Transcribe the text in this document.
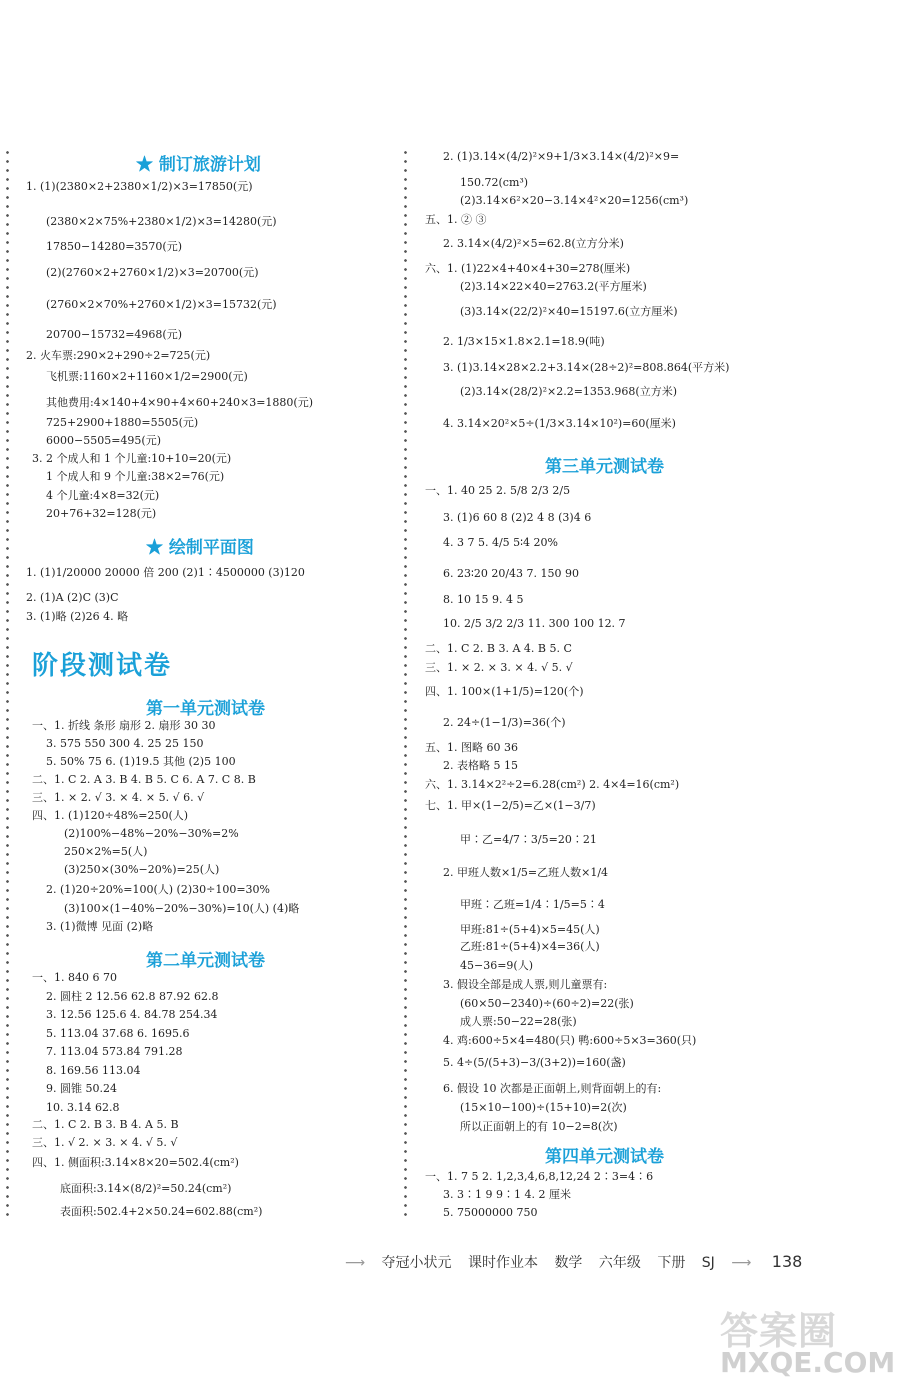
★ 制订旅游计划
1. (1)(2380×2+2380×1/2)×3=17850(元)
(2380×2×75%+2380×1/2)×3=14280(元)
17850−14280=3570(元)
(2)(2760×2+2760×1/2)×3=20700(元)
(2760×2×70%+2760×1/2)×3=15732(元)
20700−15732=4968(元)
2. 火车票:290×2+290÷2=725(元)
飞机票:1160×2+1160×1/2=2900(元)
其他费用:4×140+4×90+4×60+240×3=1880(元)
725+2900+1880=5505(元)
6000−5505=495(元)
3. 2 个成人和 1 个儿童:10+10=20(元)
1 个成人和 9 个儿童:38×2=76(元)
4 个儿童:4×8=32(元)
20+76+32=128(元)
★ 绘制平面图
1. (1)1/20000 20000 倍 200 (2)1∶4500000 (3)120
2. (1)A (2)C (3)C
3. (1)略 (2)26 4. 略
阶段测试卷
第一单元测试卷
一、1. 折线 条形 扇形 2. 扇形 30 30
3. 575 550 300 4. 25 25 150
5. 50% 75 6. (1)19.5 其他 (2)5 100
二、1. C 2. A 3. B 4. B 5. C 6. A 7. C 8. B
三、1. × 2. √ 3. × 4. × 5. √ 6. √
四、1. (1)120÷48%=250(人)
(2)100%−48%−20%−30%=2%
250×2%=5(人)
(3)250×(30%−20%)=25(人)
2. (1)20÷20%=100(人) (2)30÷100=30%
(3)100×(1−40%−20%−30%)=10(人) (4)略
3. (1)微博 见面 (2)略
第二单元测试卷
一、1. 840 6 70
2. 圆柱 2 12.56 62.8 87.92 62.8
3. 12.56 125.6 4. 84.78 254.34
5. 113.04 37.68 6. 1695.6
7. 113.04 573.84 791.28
8. 169.56 113.04
9. 圆锥 50.24
10. 3.14 62.8
二、1. C 2. B 3. B 4. A 5. B
三、1. √ 2. × 3. × 4. √ 5. √
四、1. 侧面积:3.14×8×20=502.4(cm²)
底面积:3.14×(8/2)²=50.24(cm²)
表面积:502.4+2×50.24=602.88(cm²)
2. (1)3.14×(4/2)²×9+1/3×3.14×(4/2)²×9=
150.72(cm³)
(2)3.14×6²×20−3.14×4²×20=1256(cm³)
五、1. ② ③
2. 3.14×(4/2)²×5=62.8(立方分米)
六、1. (1)22×4+40×4+30=278(厘米)
(2)3.14×22×40=2763.2(平方厘米)
(3)3.14×(22/2)²×40=15197.6(立方厘米)
2. 1/3×15×1.8×2.1=18.9(吨)
3. (1)3.14×28×2.2+3.14×(28÷2)²=808.864(平方米)
(2)3.14×(28/2)²×2.2=1353.968(立方米)
4. 3.14×20²×5÷(1/3×3.14×10²)=60(厘米)
第三单元测试卷
一、1. 40 25 2. 5/8 2/3 2/5
3. (1)6 60 8 (2)2 4 8 (3)4 6
4. 3 7 5. 4/5 5∶4 20%
6. 23∶20 20/43 7. 150 90
8. 10 15 9. 4 5
10. 2/5 3/2 2/3 11. 300 100 12. 7
二、1. C 2. B 3. A 4. B 5. C
三、1. × 2. × 3. × 4. √ 5. √
四、1. 100×(1+1/5)=120(个)
2. 24÷(1−1/3)=36(个)
五、1. 图略 60 36
2. 表格略 5 15
六、1. 3.14×2²÷2=6.28(cm²) 2. 4×4=16(cm²)
七、1. 甲×(1−2/5)=乙×(1−3/7)
甲∶乙=4/7∶3/5=20∶21
2. 甲班人数×1/5=乙班人数×1/4
甲班∶乙班=1/4∶1/5=5∶4
甲班:81÷(5+4)×5=45(人)
乙班:81÷(5+4)×4=36(人)
45−36=9(人)
3. 假设全部是成人票,则儿童票有:
(60×50−2340)÷(60÷2)=22(张)
成人票:50−22=28(张)
4. 鸡:600÷5×4=480(只) 鸭:600÷5×3=360(只)
5. 4÷(5/(5+3)−3/(3+2))=160(盏)
6. 假设 10 次都是正面朝上,则背面朝上的有:
(15×10−100)÷(15+10)=2(次)
所以正面朝上的有 10−2=8(次)
第四单元测试卷
一、1. 7 5 2. 1,2,3,4,6,8,12,24 2∶3=4∶6
3. 3∶1 9 9∶1 4. 2 厘米
5. 75000000 750
⟶ 夺冠小状元 课时作业本 数学 六年级 下册 SJ ⟶ 138
答案圈
MXQE.COM
